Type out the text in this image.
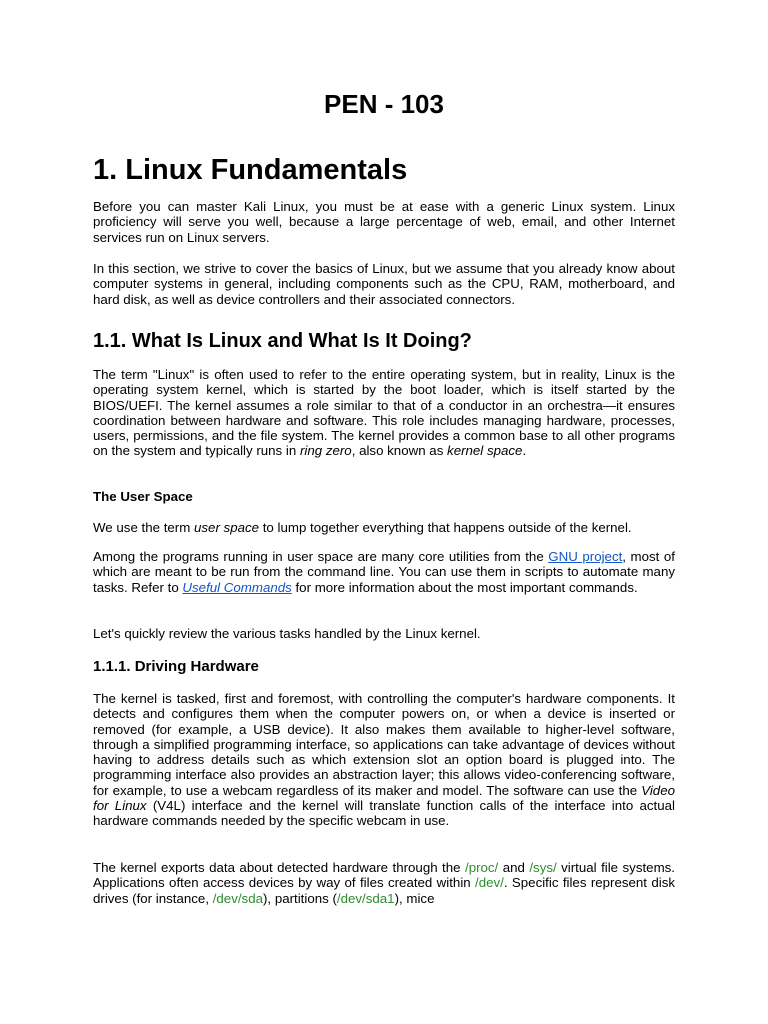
PEN - 103
1. Linux Fundamentals

Before you can master Kali Linux, you must be at ease with a generic Linux system. Linux proficiency will serve you well, because a large percentage of web, email, and other Internet services run on Linux servers.

In this section, we strive to cover the basics of Linux, but we assume that you already know about computer systems in general, including components such as the CPU, RAM, motherboard, and hard disk, as well as device controllers and their associated connectors.

1.1. What Is Linux and What Is It Doing?

The term "Linux" is often used to refer to the entire operating system, but in reality, Linux is the operating system kernel, which is started by the boot loader, which is itself started by the BIOS/UEFI. The kernel assumes a role similar to that of a conductor in an orchestra—it ensures coordination between hardware and software. This role includes managing hardware, processes, users, permissions, and the file system. The kernel provides a common base to all other programs on the system and typically runs in ring zero, also known as kernel space.

The User Space

We use the term user space to lump together everything that happens outside of the kernel.

Among the programs running in user space are many core utilities from the GNU project, most of which are meant to be run from the command line. You can use them in scripts to automate many tasks. Refer to Useful Commands for more information about the most important commands.

Let's quickly review the various tasks handled by the Linux kernel.

1.1.1. Driving Hardware

The kernel is tasked, first and foremost, with controlling the computer's hardware components. It detects and configures them when the computer powers on, or when a device is inserted or removed (for example, a USB device). It also makes them available to higher-level software, through a simplified programming interface, so applications can take advantage of devices without having to address details such as which extension slot an option board is plugged into. The programming interface also provides an abstraction layer; this allows video-conferencing software, for example, to use a webcam regardless of its maker and model. The software can use the Video for Linux (V4L) interface and the kernel will translate function calls of the interface into actual hardware commands needed by the specific webcam in use.

The kernel exports data about detected hardware through the /proc/ and /sys/ virtual file systems. Applications often access devices by way of files created within /dev/. Specific files represent disk drives (for instance, /dev/sda), partitions (/dev/sda1), mice
